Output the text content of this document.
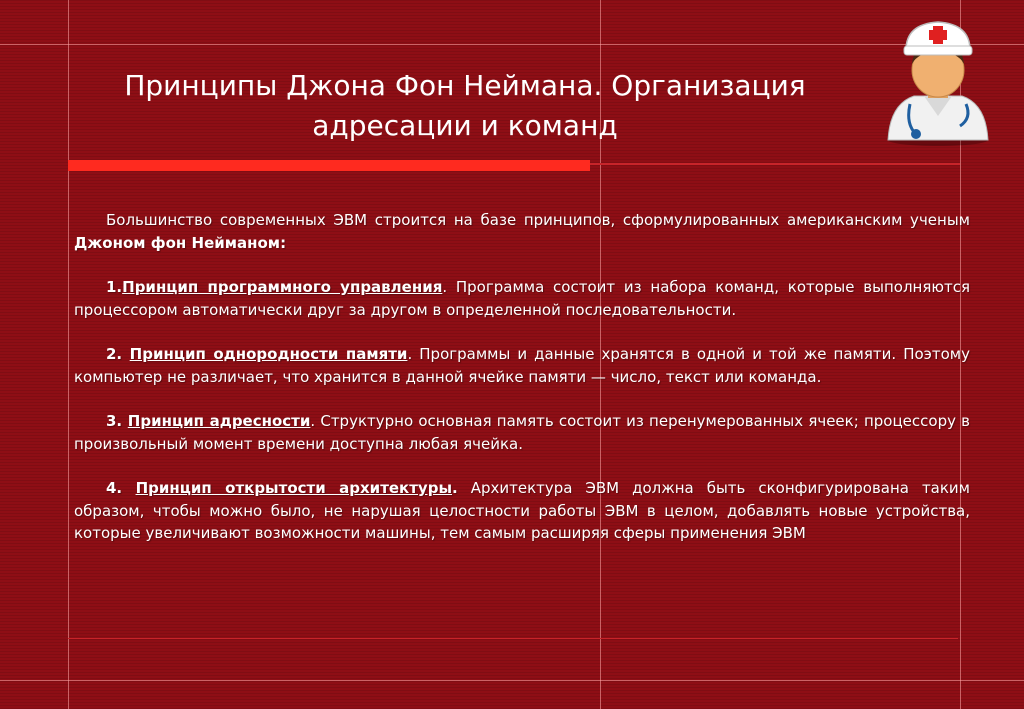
Принципы Джона Фон Неймана. Организация
адресации и команд

Большинство современных ЭВМ строится на базе принципов, сформулированных американским ученым Джоном фон Нейманом:

1.Принцип программного управления. Программа состоит из набора команд, которые выполняются процессором автоматически друг за другом в определенной последовательности.

2. Принцип однородности памяти. Программы и данные хранятся в одной и той же памяти. Поэтому компьютер не различает, что хранится в данной ячейке памяти — число, текст или команда.

3. Принцип адресности. Структурно основная память состоит из перенумерованных ячеек; процессору в произвольный момент времени доступна любая ячейка.

4. Принцип открытости архитектуры. Архитектура ЭВМ должна быть сконфигурирована таким образом, чтобы можно было, не нарушая целостности работы ЭВМ в целом, добавлять новые устройства, которые увеличивают возможности машины, тем самым расширяя сферы применения ЭВМ
